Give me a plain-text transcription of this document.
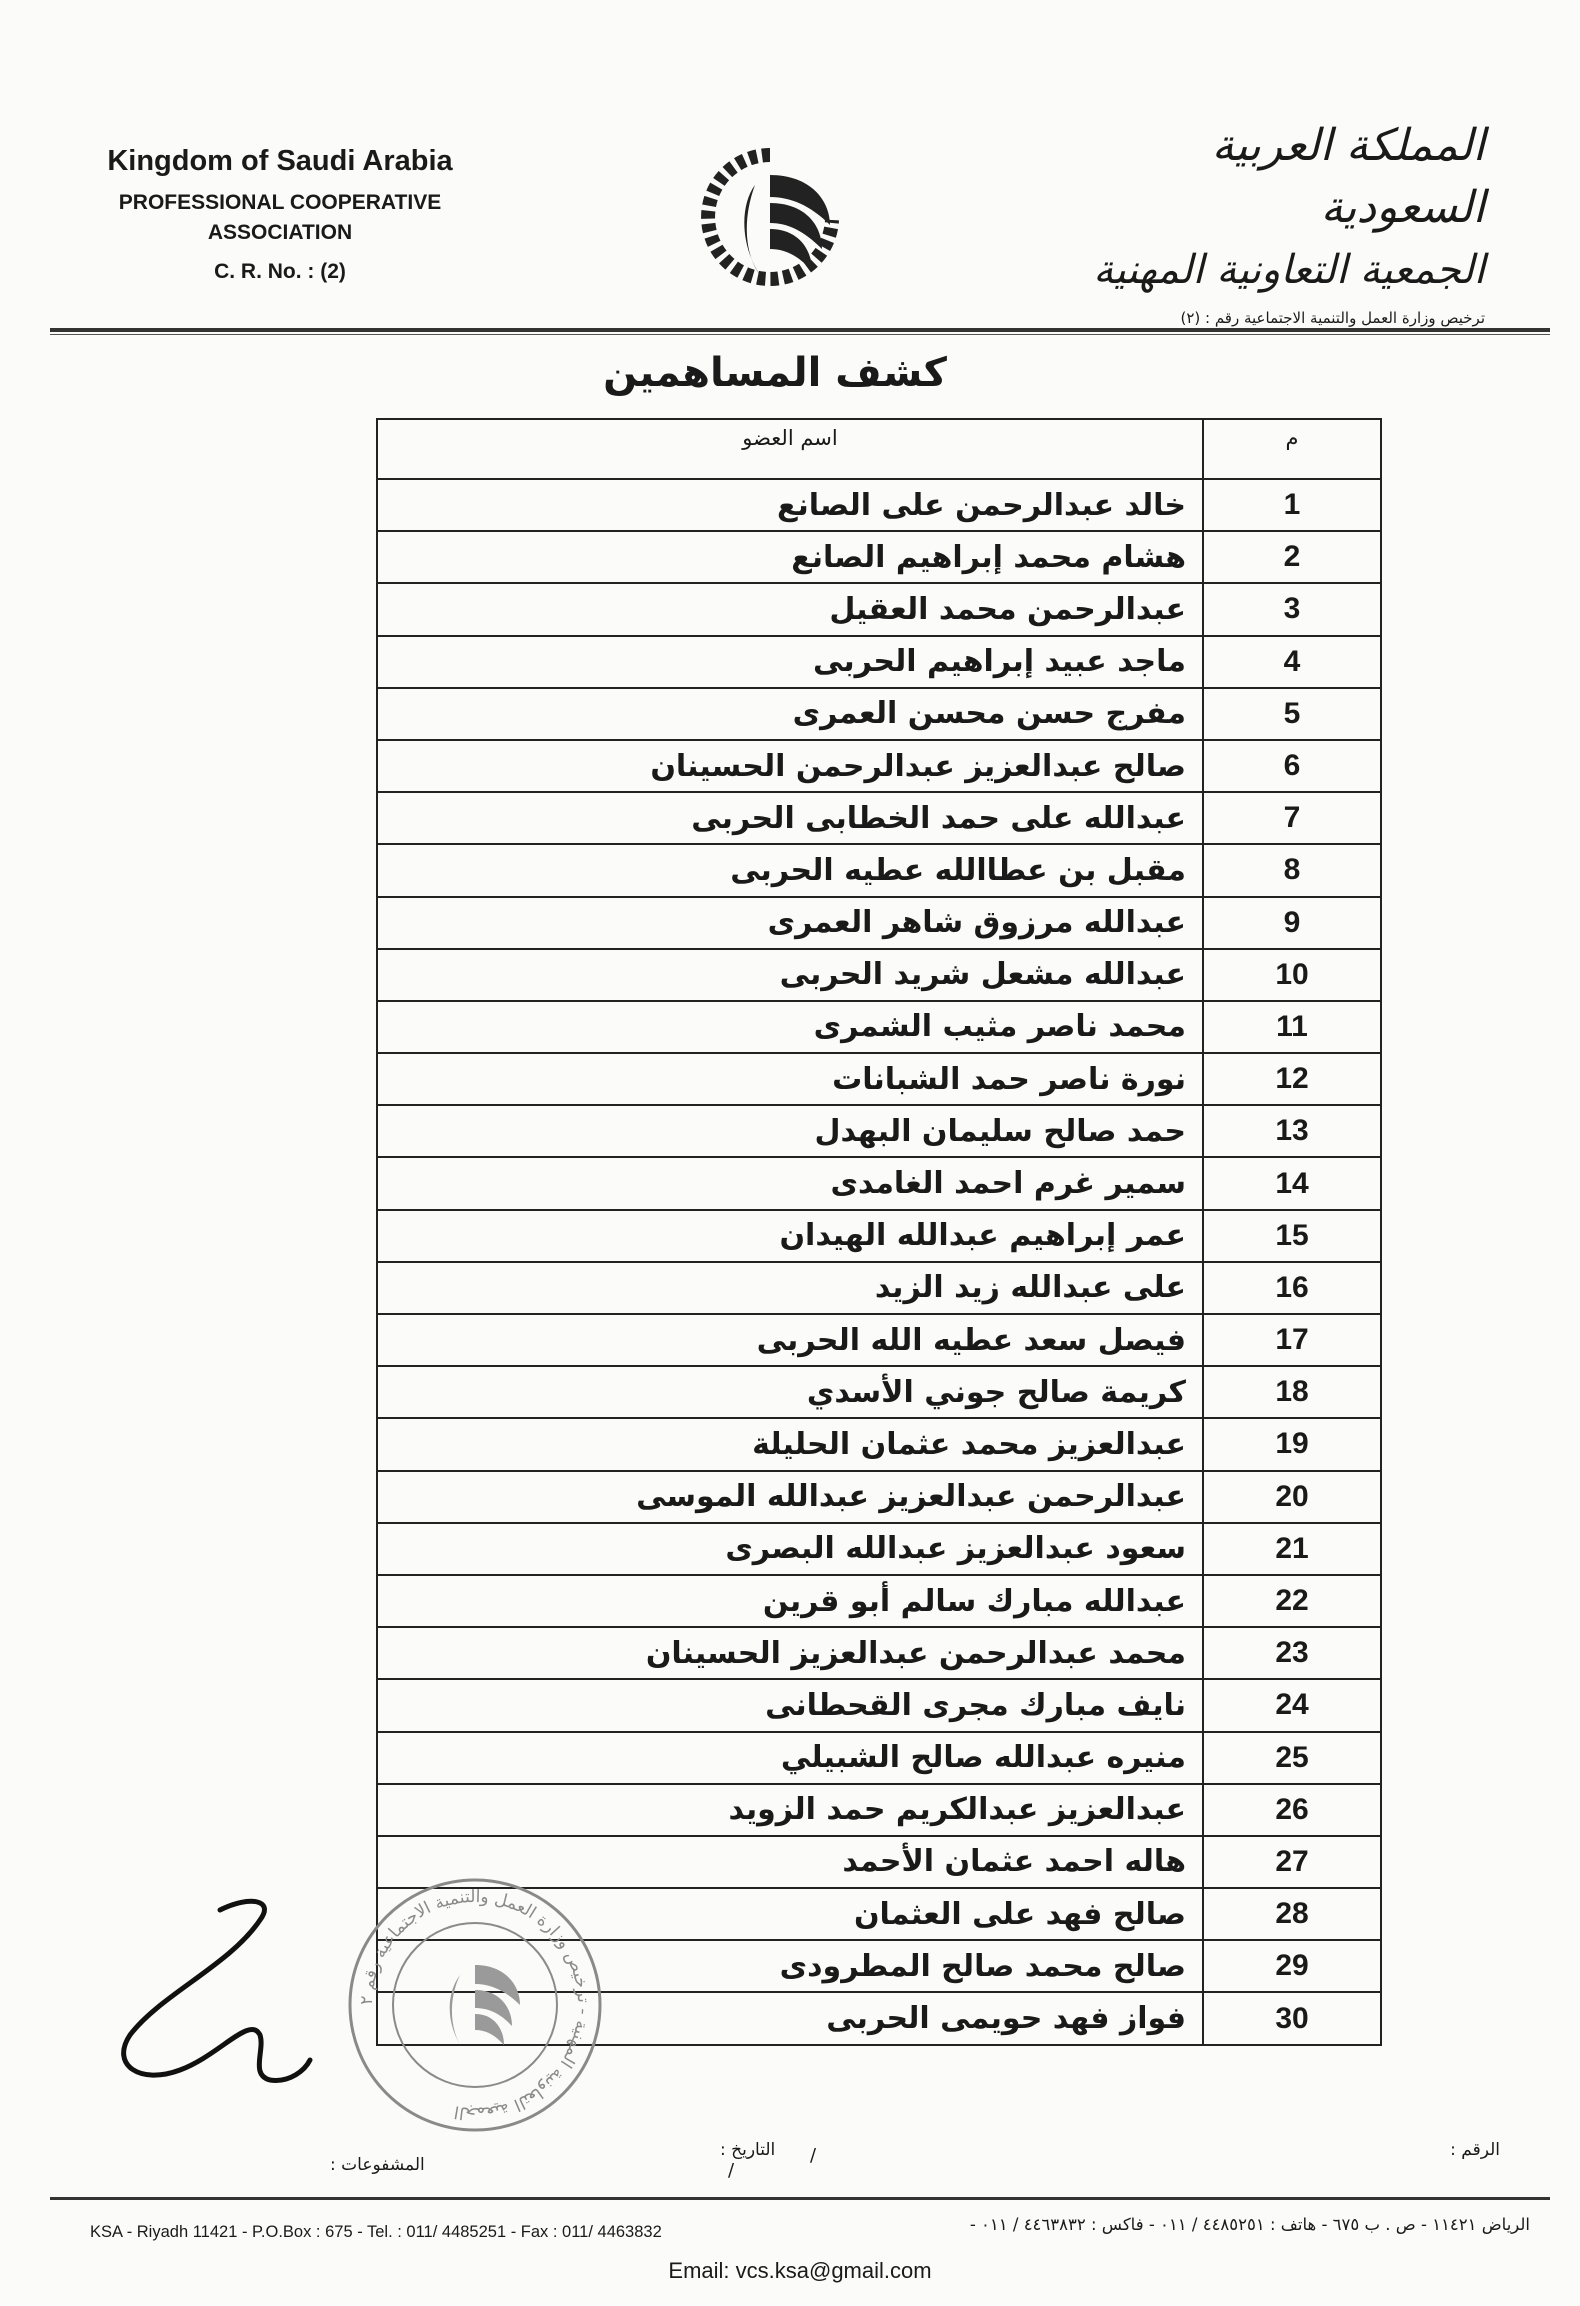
Kingdom of Saudi Arabia
PROFESSIONAL COOPERATIVE
ASSOCIATION
C. R. No. : (2)
المملكة العربية السعودية
الجمعية التعاونية المهنية
ترخيص وزارة العمل والتنمية الاجتماعية رقم : (٢)
كشف المساهمين
م	اسم العضو
1	خالد عبدالرحمن على الصانع
2	هشام محمد إبراهيم الصانع
3	عبدالرحمن محمد العقيل
4	ماجد عبيد إبراهيم الحربى
5	مفرج حسن محسن العمرى
6	صالح عبدالعزيز عبدالرحمن الحسينان
7	عبدالله على حمد الخطابى الحربى
8	مقبل بن عطاالله عطيه الحربى
9	عبدالله مرزوق شاهر العمرى
10	عبدالله مشعل شريد الحربى
11	محمد ناصر مثيب الشمرى
12	نورة ناصر حمد الشبانات
13	حمد صالح سليمان البهدل
14	سمير غرم احمد الغامدى
15	عمر إبراهيم عبدالله الهيدان
16	على عبدالله زيد الزيد
17	فيصل سعد عطيه الله الحربى
18	كريمة صالح جوني الأسدي
19	عبدالعزيز محمد عثمان الحليلة
20	عبدالرحمن عبدالعزيز عبدالله الموسى
21	سعود عبدالعزيز عبدالله البصرى
22	عبدالله مبارك سالم أبو قرين
23	محمد عبدالرحمن عبدالعزيز الحسينان
24	نايف مبارك مجرى القحطانى
25	منيره عبدالله صالح الشبيلي
26	عبدالعزيز عبدالكريم حمد الزويد
27	هاله احمد عثمان الأحمد
28	صالح فهد على العثمان
29	صالح محمد صالح المطرودى
30	فواز فهد حويمى الحربى
الجمعية التعاونية المهنية - ترخيص وزارة العمل والتنمية الاجتماعية رقم ٢
الرقم :
التاريخ : /
/
المشفوعات :
KSA - Riyadh 11421 - P.O.Box : 675 - Tel. : 011/ 4485251 - Fax : 011/ 4463832	الرياض ١١٤٢١ - ص . ب ٦٧٥ - هاتف : ٤٤٨٥٢٥١ / ٠١١ - فاكس : ٤٤٦٣٨٣٢ / ٠١١ -
Email: vcs.ksa@gmail.com
